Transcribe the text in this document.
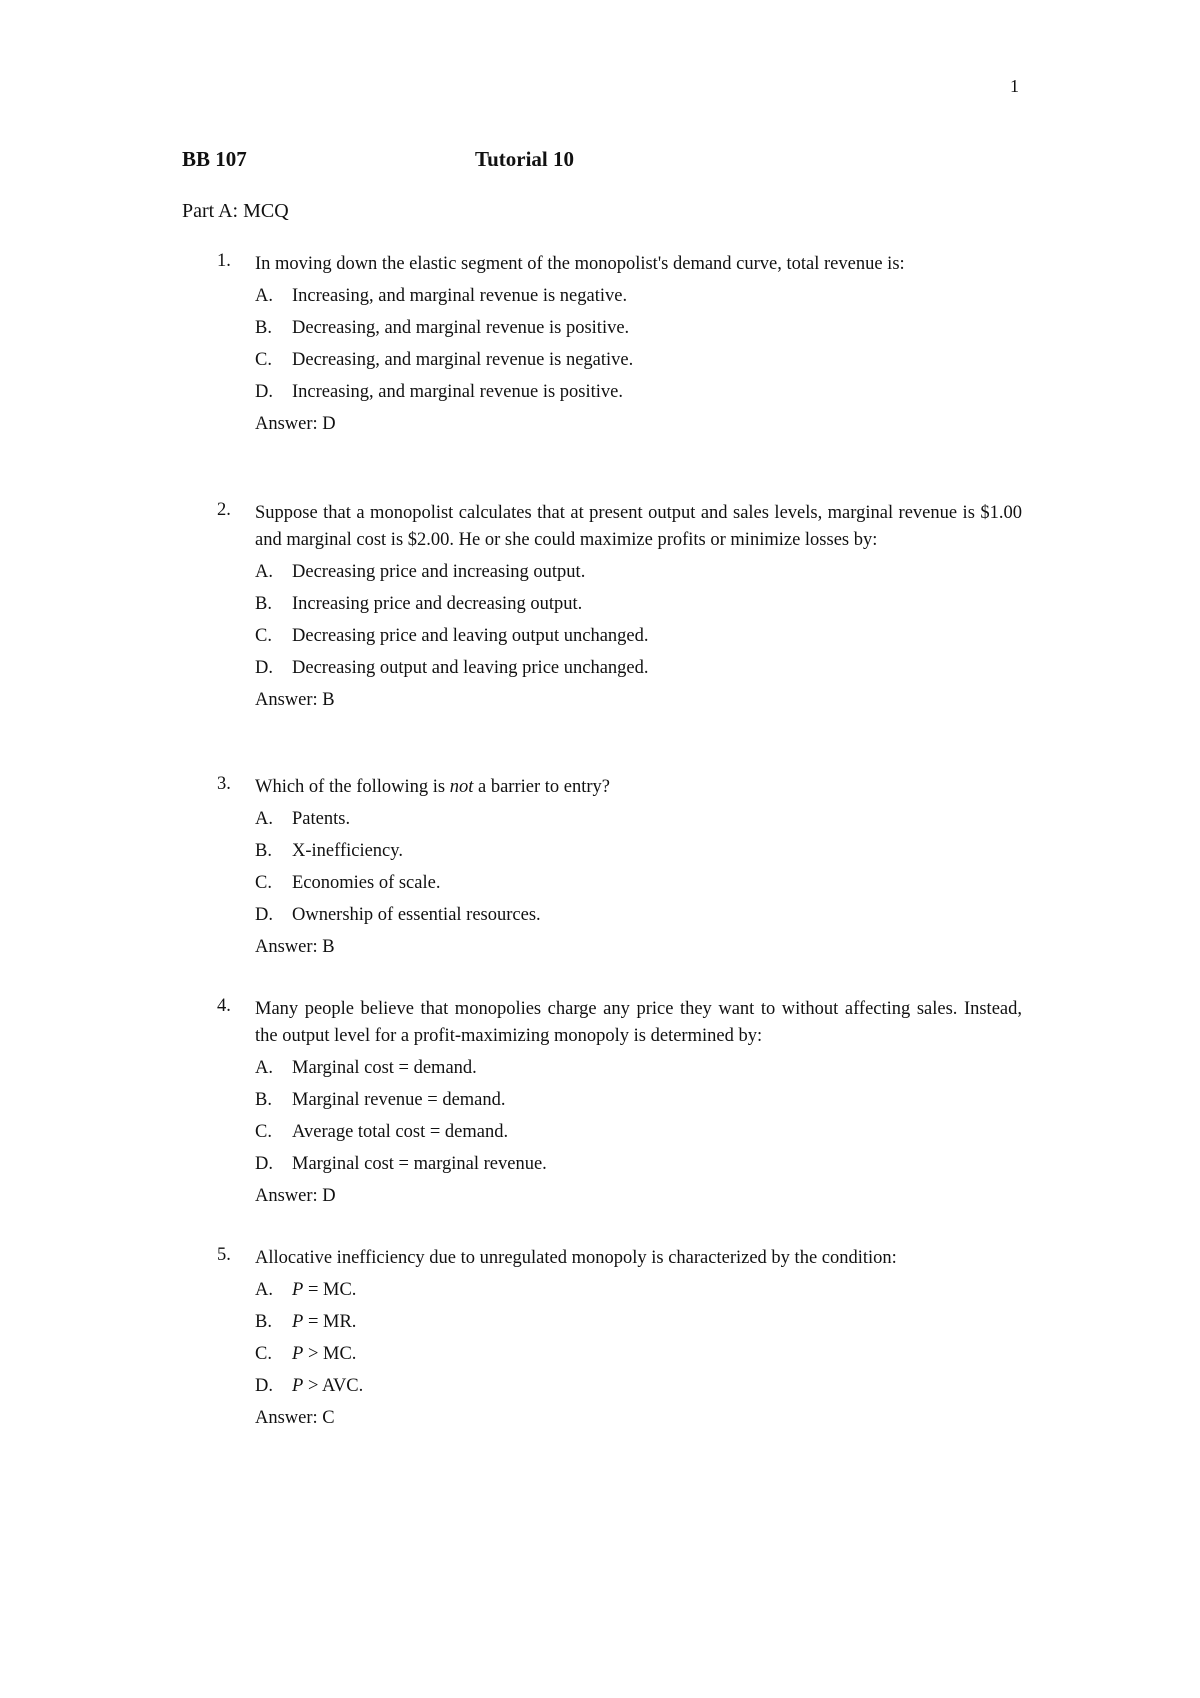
1
BB 107	Tutorial 10
Part A: MCQ
1. In moving down the elastic segment of the monopolist's demand curve, total revenue is:
A. Increasing, and marginal revenue is negative.
B. Decreasing, and marginal revenue is positive.
C. Decreasing, and marginal revenue is negative.
D. Increasing, and marginal revenue is positive.
Answer: D
2. Suppose that a monopolist calculates that at present output and sales levels, marginal revenue is $1.00 and marginal cost is $2.00. He or she could maximize profits or minimize losses by:
A. Decreasing price and increasing output.
B. Increasing price and decreasing output.
C. Decreasing price and leaving output unchanged.
D. Decreasing output and leaving price unchanged.
Answer: B
3. Which of the following is not a barrier to entry?
A. Patents.
B. X-inefficiency.
C. Economies of scale.
D. Ownership of essential resources.
Answer: B
4. Many people believe that monopolies charge any price they want to without affecting sales. Instead, the output level for a profit-maximizing monopoly is determined by:
A. Marginal cost = demand.
B. Marginal revenue = demand.
C. Average total cost = demand.
D. Marginal cost = marginal revenue.
Answer: D
5. Allocative inefficiency due to unregulated monopoly is characterized by the condition:
A. P = MC.
B. P = MR.
C. P > MC.
D. P > AVC.
Answer: C
